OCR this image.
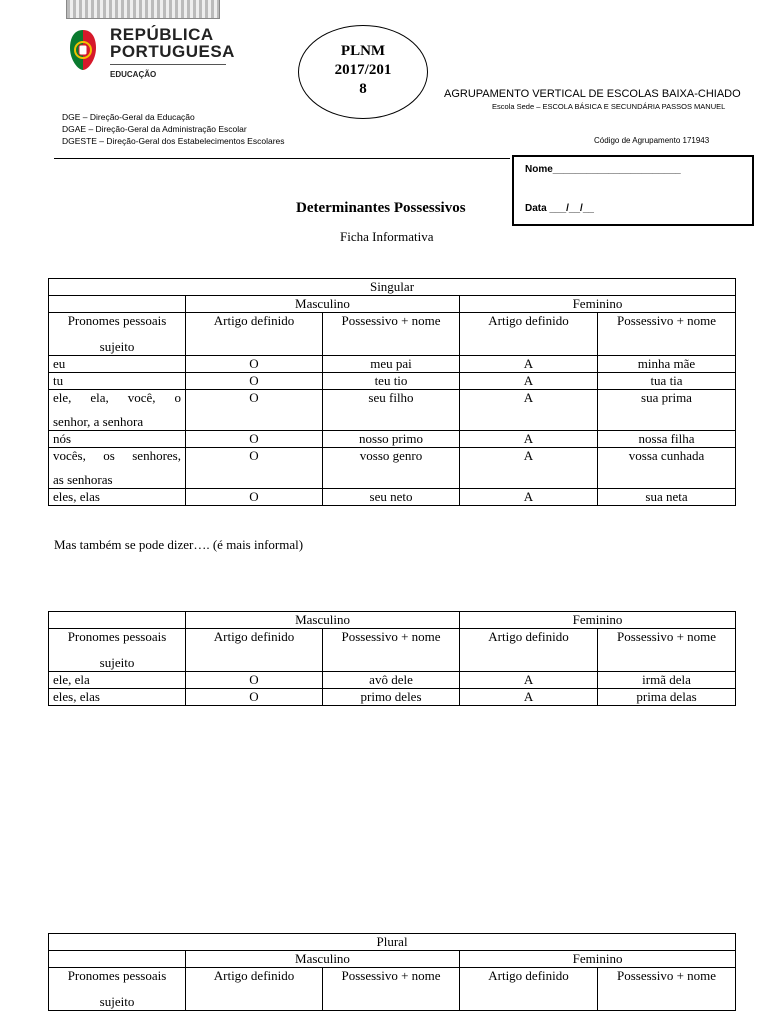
REPÚBLICA
PORTUGUESA
EDUCAÇÃO
PLNM
2017/201
8	AGRUPAMENTO VERTICAL DE ESCOLAS BAIXA-CHIADO
Escola Sede – ESCOLA BÁSICA E SECUNDÁRIA PASSOS MANUEL
DGE – Direção-Geral da Educação
DGAE – Direção-Geral da Administração Escolar
DGESTE – Direção-Geral dos Estabelecimentos Escolares	Código de Agrupamento 171943
Nome_______________________
Data ___/__/__
Determinantes Possessivos
Ficha Informativa
Singular				
	Masculino		Feminino	

Pronomes pessoais
sujeito	Artigo definido	Possessivo + nome	Artigo definido	Possessivo + nome
eu	O	meu pai	A	minha mãe
tu	O	teu tio	A	tua tia
ele, ela, você, o
senhor, a senhora	O	seu filho	A	sua prima
nós	O	nosso primo	A	nossa filha
vocês, os senhores,
as senhoras	O	vosso genro	A	vossa cunhada
eles, elas	O	seu neto	A	sua neta
Mas também se pode dizer…. (é mais informal)
	Masculino		Feminino	

Pronomes pessoais
sujeito	Artigo definido	Possessivo + nome	Artigo definido	Possessivo + nome
ele, ela	O	avô dele	A	irmã dela
eles, elas	O	primo deles	A	prima delas
Plural				
	Masculino		Feminino	

Pronomes pessoais
sujeito	Artigo definido	Possessivo + nome	Artigo definido	Possessivo + nome
